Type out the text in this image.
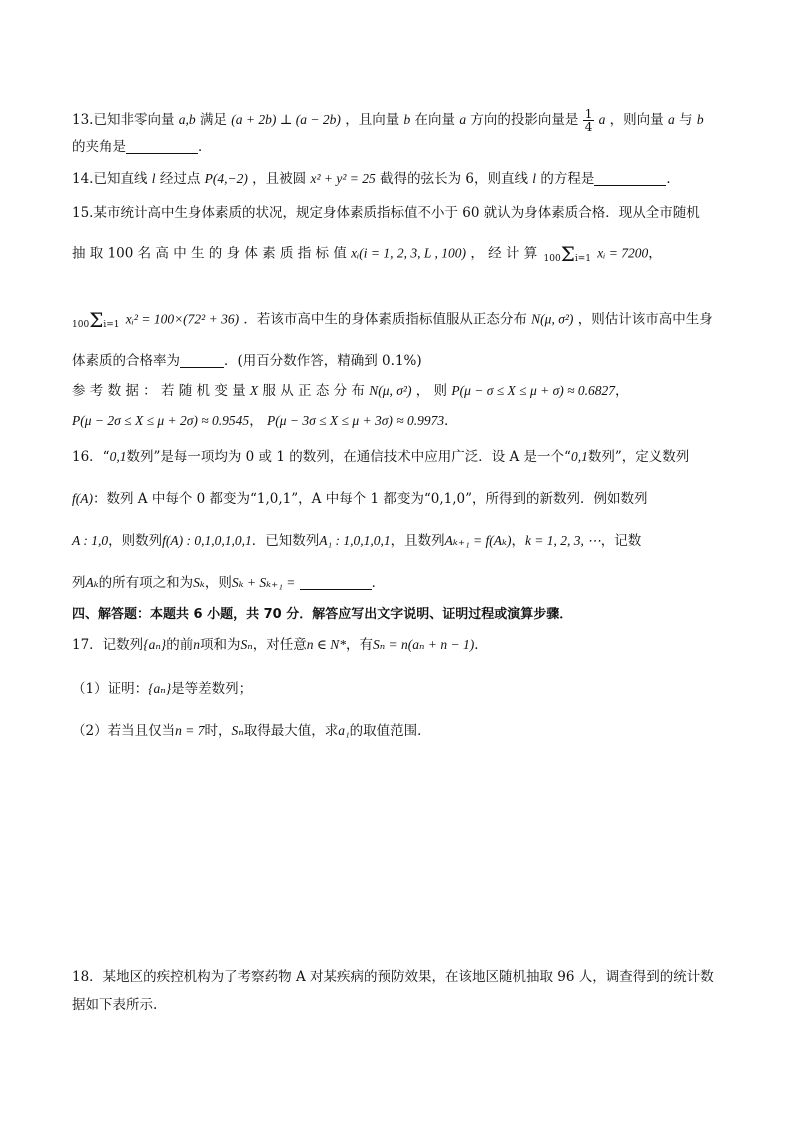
13.已知非零向量 a,b 满足 (a + 2b) ⊥ (a − 2b) ，且向量 b 在向量 a 方向的投影向量是 $\frac{1}{4}$ a ，则向量 a 与 b
的夹角是	．
14.已知直线 l 经过点 P(4,−2) ，且被圆 x² + y² = 25 截得的弦长为 6，则直线 l 的方程是	．
15.某市统计高中生身体素质的状况，规定身体素质指标值不小于 60 就认为身体素质合格．现从全市随机
抽 取 100 名 高 中 生 的 身 体 素 质 指 标 值 xᵢ(i = 1, 2, 3, L , 100) ， 经 计 算 100Σi=1 xᵢ = 7200，
100Σi=1 xᵢ² = 100×(72² + 36) ．若该市高中生的身体素质指标值服从正态分布 N(μ, σ²) ，则估计该市高中生身
体素质的合格率为	．(用百分数作答，精确到 0.1%)
参 考 数 据 ： 若 随 机 变 量 X 服 从 正 态 分 布 N(μ, σ²) ， 则 P(μ − σ ≤ X ≤ μ + σ) ≈ 0.6827，
P(μ − 2σ ≤ X ≤ μ + 2σ) ≈ 0.9545， P(μ − 3σ ≤ X ≤ μ + 3σ) ≈ 0.9973．
16．“0,1数列”是每一项均为 0 或 1 的数列，在通信技术中应用广泛．设 A 是一个“0,1数列”，定义数列
f(A)：数列 A 中每个 0 都变为“1,0,1”，A 中每个 1 都变为“0,1,0”，所得到的新数列．例如数列
A : 1,0，则数列f(A) : 0,1,0,1,0,1．已知数列A₁ : 1,0,1,0,1，且数列Aₖ₊₁ = f(Aₖ)，k = 1, 2, 3, ⋯，记数
列Aₖ的所有项之和为Sₖ，则Sₖ + Sₖ₊₁ =	．
四、解答题：本题共 6 小题，共 70 分．解答应写出文字说明、证明过程或演算步骤．
17．记数列{aₙ}的前n项和为Sₙ，对任意n ∈ N*，有Sₙ = n(aₙ + n − 1)．
（1）证明：{aₙ}是等差数列；
（2）若当且仅当n = 7时，Sₙ取得最大值，求a₁的取值范围．
18．某地区的疾控机构为了考察药物 A 对某疾病的预防效果，在该地区随机抽取 96 人，调查得到的统计数
据如下表所示.
